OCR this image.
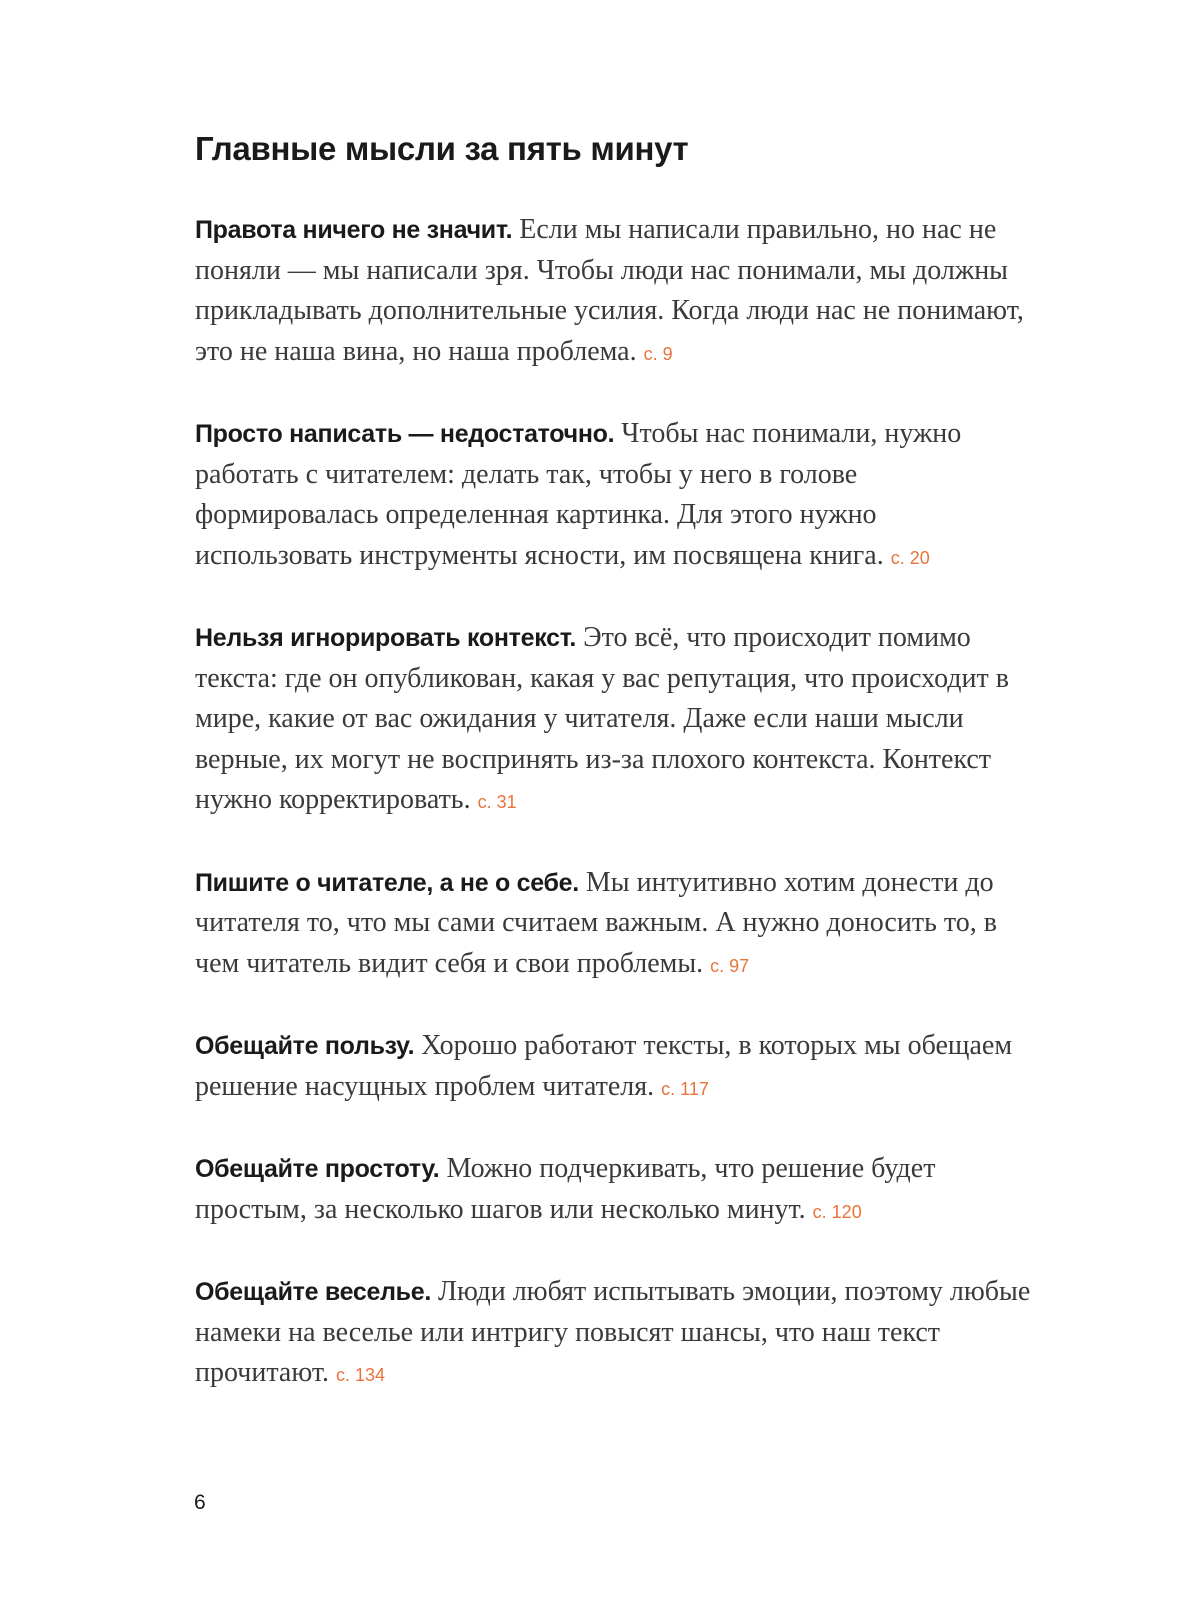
Главные мысли за пять минут

Правота ничего не значит. Если мы написали правильно, но нас не поняли — мы написали зря. Чтобы люди нас понимали, мы должны прикладывать дополнительные усилия. Когда люди нас не понимают, это не наша вина, но наша проблема. с. 9

Просто написать — недостаточно. Чтобы нас понимали, нужно работать с читателем: делать так, чтобы у него в голове формировалась определенная картинка. Для этого нужно использовать инструменты ясности, им посвящена книга. с. 20

Нельзя игнорировать контекст. Это всё, что происходит помимо текста: где он опубликован, какая у вас репутация, что происходит в мире, какие от вас ожидания у читателя. Даже если наши мысли верные, их могут не воспринять из-за плохого контекста. Контекст нужно корректировать. с. 31

Пишите о читателе, а не о себе. Мы интуитивно хотим донести до читателя то, что мы сами считаем важным. А нужно доносить то, в чем читатель видит себя и свои проблемы. с. 97

Обещайте пользу. Хорошо работают тексты, в которых мы обещаем решение насущных проблем читателя. с. 117

Обещайте простоту. Можно подчеркивать, что решение будет простым, за несколько шагов или несколько минут. с. 120

Обещайте веселье. Люди любят испытывать эмоции, поэтому любые намеки на веселье или интригу повысят шансы, что наш текст прочитают. с. 134

6
